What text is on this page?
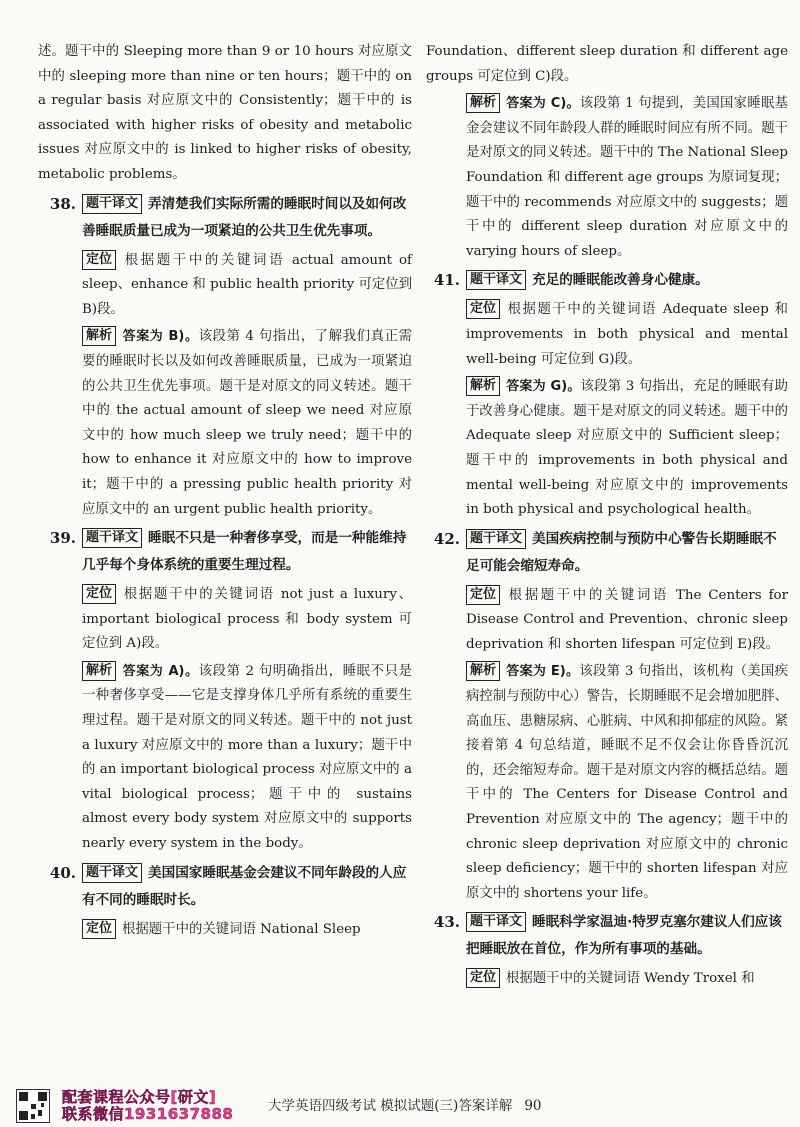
述。题干中的 Sleeping more than 9 or 10 hours 对应原文中的 sleeping more than nine or ten hours；题干中的 on a regular basis 对应原文中的 Consistently；题干中的 is associated with higher risks of obesity and metabolic issues 对应原文中的 is linked to higher risks of obesity, metabolic problems。

38. 题干译文 弄清楚我们实际所需的睡眠时间以及如何改善睡眠质量已成为一项紧迫的公共卫生优先事项。

定位 根据题干中的关键词语 actual amount of sleep、enhance 和 public health priority 可定位到 B)段。

解析 答案为 B)。该段第 4 句指出，了解我们真正需要的睡眠时长以及如何改善睡眠质量，已成为一项紧迫的公共卫生优先事项。题干是对原文的同义转述。题干中的 the actual amount of sleep we need 对应原文中的 how much sleep we truly need；题干中的 how to enhance it 对应原文中的 how to improve it；题干中的 a pressing public health priority 对应原文中的 an urgent public health priority。

39. 题干译文 睡眠不只是一种奢侈享受，而是一种能维持几乎每个身体系统的重要生理过程。

定位 根据题干中的关键词语 not just a luxury、important biological process 和 body system 可定位到 A)段。

解析 答案为 A)。该段第 2 句明确指出，睡眠不只是一种奢侈享受——它是支撑身体几乎所有系统的重要生理过程。题干是对原文的同义转述。题干中的 not just a luxury 对应原文中的 more than a luxury；题干中的 an important biological process 对应原文中的 a vital biological process；题干中的 sustains almost every body system 对应原文中的 supports nearly every system in the body。

40. 题干译文 美国国家睡眠基金会建议不同年龄段的人应有不同的睡眠时长。

定位 根据题干中的关键词语 National Sleep

Foundation、different sleep duration 和 different age groups 可定位到 C)段。

解析 答案为 C)。该段第 1 句提到，美国国家睡眠基金会建议不同年龄段人群的睡眠时间应有所不同。题干是对原文的同义转述。题干中的 The National Sleep Foundation 和 different age groups 为原词复现；题干中的 recommends 对应原文中的 suggests；题干中的 different sleep duration 对应原文中的 varying hours of sleep。

41. 题干译文 充足的睡眠能改善身心健康。

定位 根据题干中的关键词语 Adequate sleep 和 improvements in both physical and mental well-being 可定位到 G)段。

解析 答案为 G)。该段第 3 句指出，充足的睡眠有助于改善身心健康。题干是对原文的同义转述。题干中的 Adequate sleep 对应原文中的 Sufficient sleep；题干中的 improvements in both physical and mental well-being 对应原文中的 improvements in both physical and psychological health。

42. 题干译文 美国疾病控制与预防中心警告长期睡眠不足可能会缩短寿命。

定位 根据题干中的关键词语 The Centers for Disease Control and Prevention、chronic sleep deprivation 和 shorten lifespan 可定位到 E)段。

解析 答案为 E)。该段第 3 句指出，该机构（美国疾病控制与预防中心）警告，长期睡眠不足会增加肥胖、高血压、患糖尿病、心脏病、中风和抑郁症的风险。紧接着第 4 句总结道，睡眠不足不仅会让你昏昏沉沉的，还会缩短寿命。题干是对原文内容的概括总结。题干中的 The Centers for Disease Control and Prevention 对应原文中的 The agency；题干中的 chronic sleep deprivation 对应原文中的 chronic sleep deficiency；题干中的 shorten lifespan 对应原文中的 shortens your life。

43. 题干译文 睡眠科学家温迪·特罗克塞尔建议人们应该把睡眠放在首位，作为所有事项的基础。

定位 根据题干中的关键词语 Wendy Troxel 和

配套课程公众号[研文]
联系微信1931637888	大学英语四级考试 模拟试题(三)答案详解 90
